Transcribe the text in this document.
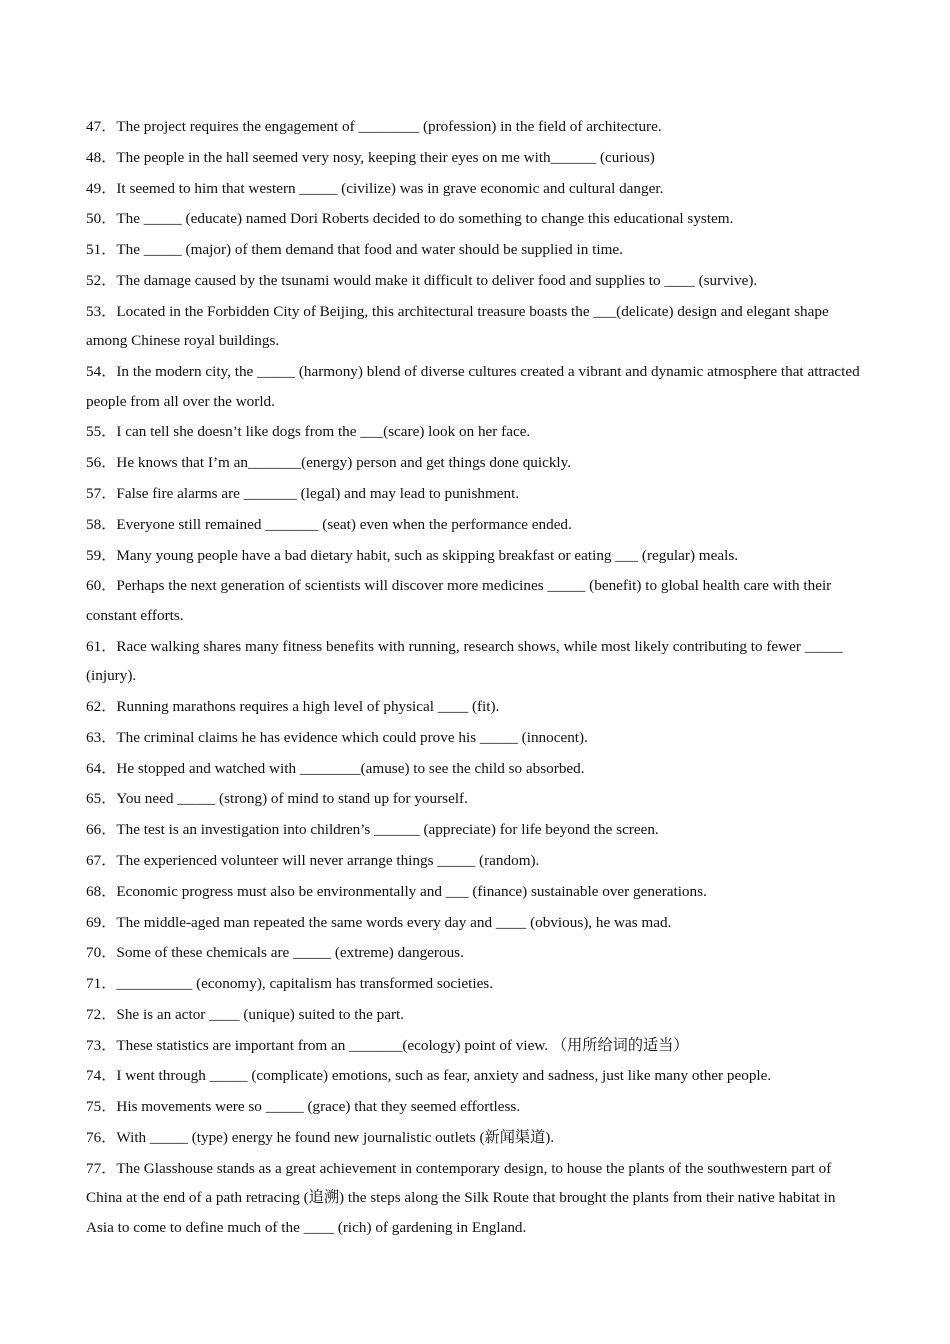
47．The project requires the engagement of ________ (profession) in the field of architecture.
48．The people in the hall seemed very nosy, keeping their eyes on me with______ (curious)
49．It seemed to him that western _____ (civilize) was in grave economic and cultural danger.
50．The _____ (educate) named Dori Roberts decided to do something to change this educational system.
51．The _____ (major) of them demand that food and water should be supplied in time.
52．The damage caused by the tsunami would make it difficult to deliver food and supplies to ____ (survive).
53．Located in the Forbidden City of Beijing, this architectural treasure boasts the ___(delicate) design and elegant shape among Chinese royal buildings.
54．In the modern city, the _____ (harmony) blend of diverse cultures created a vibrant and dynamic atmosphere that attracted people from all over the world.
55．I can tell she doesn’t like dogs from the ___(scare) look on her face.
56．He knows that I’m an_______(energy) person and get things done quickly.
57．False fire alarms are _______ (legal) and may lead to punishment.
58．Everyone still remained _______ (seat) even when the performance ended.
59．Many young people have a bad dietary habit, such as skipping breakfast or eating ___ (regular) meals.
60．Perhaps the next generation of scientists will discover more medicines _____ (benefit) to global health care with their constant efforts.
61．Race walking shares many fitness benefits with running, research shows, while most likely contributing to fewer _____ (injury).
62．Running marathons requires a high level of physical ____ (fit).
63．The criminal claims he has evidence which could prove his _____ (innocent).
64．He stopped and watched with ________(amuse) to see the child so absorbed.
65．You need _____ (strong) of mind to stand up for yourself.
66．The test is an investigation into children’s ______ (appreciate) for life beyond the screen.
67．The experienced volunteer will never arrange things _____ (random).
68．Economic progress must also be environmentally and ___ (finance) sustainable over generations.
69．The middle-aged man repeated the same words every day and ____ (obvious), he was mad.
70．Some of these chemicals are _____ (extreme) dangerous.
71．__________ (economy), capitalism has transformed societies.
72．She is an actor ____ (unique) suited to the part.
73．These statistics are important from an _______(ecology) point of view. （用所给词的适当）
74．I went through _____ (complicate) emotions, such as fear, anxiety and sadness, just like many other people.
75．His movements were so _____ (grace) that they seemed effortless.
76．With _____ (type) energy he found new journalistic outlets (新闻渠道).
77．The Glasshouse stands as a great achievement in contemporary design, to house the plants of the southwestern part of China at the end of a path retracing (追溯) the steps along the Silk Route that brought the plants from their native habitat in Asia to come to define much of the ____ (rich) of gardening in England.
